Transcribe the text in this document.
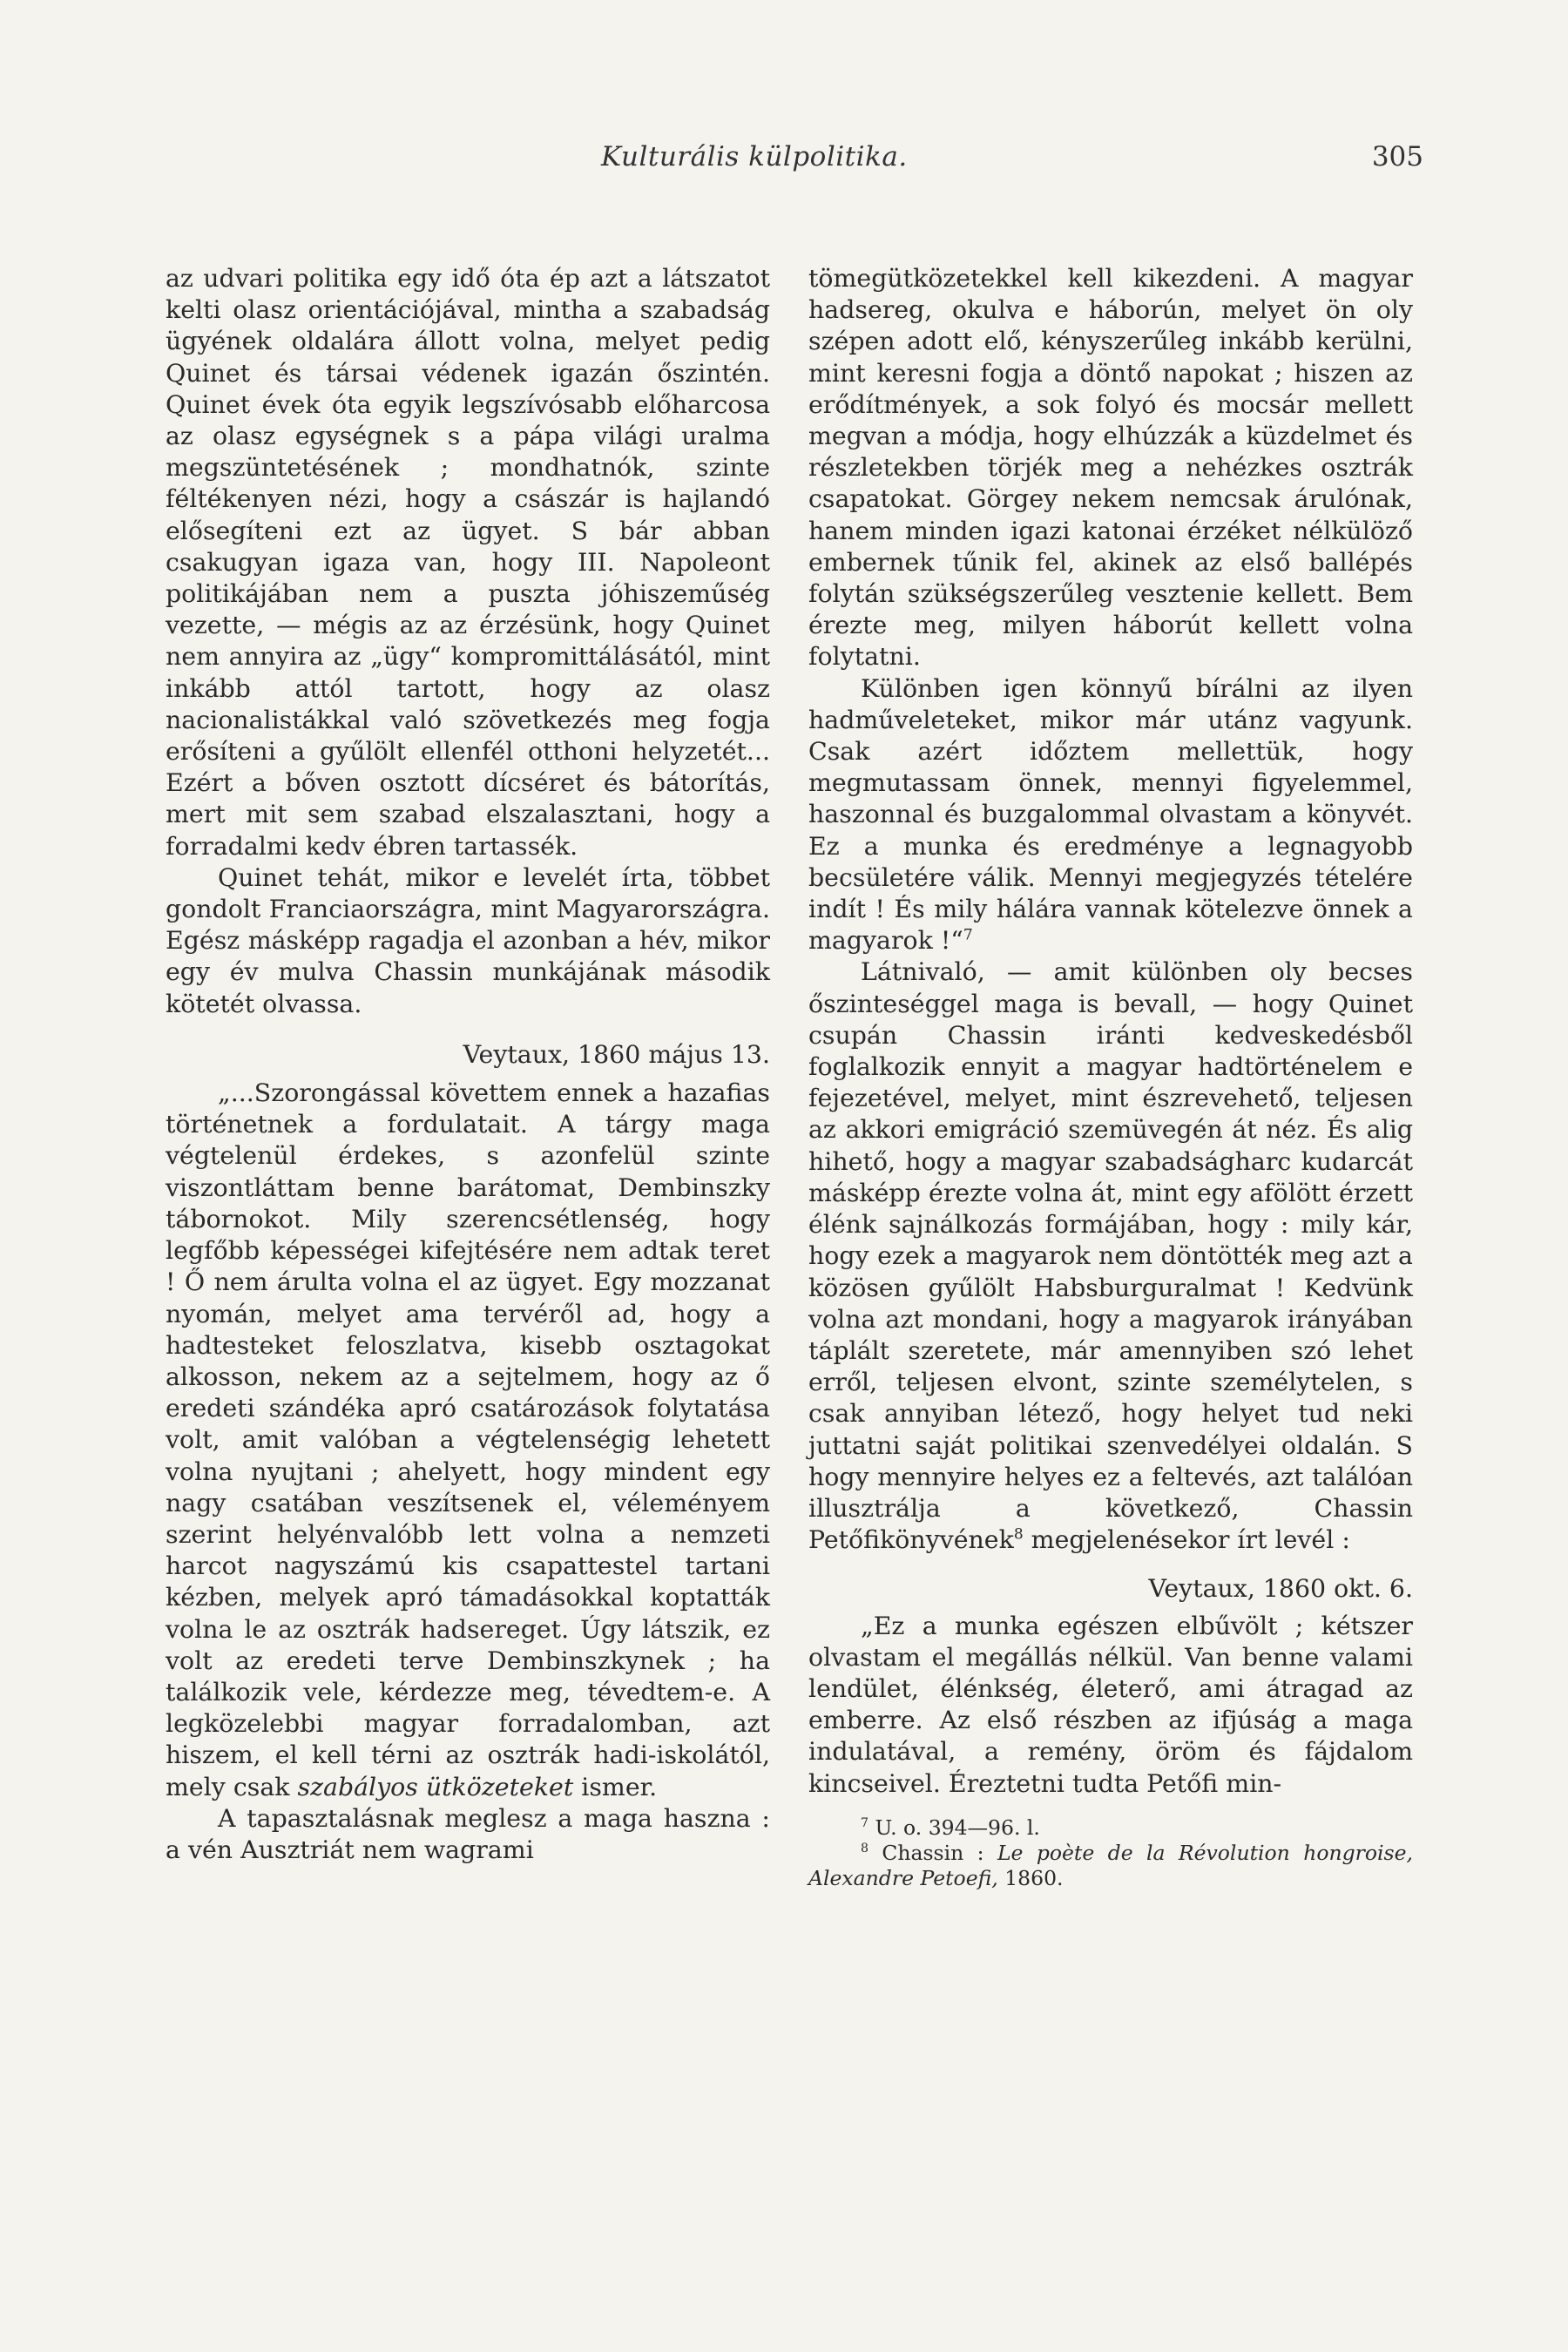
Kulturális külpolitika.	305

az udvari politika egy idő óta ép azt a látszatot kelti olasz orientációjával, mintha a szabadság ügyének oldalára állott volna, melyet pedig Quinet és társai védenek igazán őszintén. Quinet évek óta egyik legszívósabb előharcosa az olasz egységnek s a pápa világi uralma megszüntetésének ; mondhatnók, szinte féltékenyen nézi, hogy a császár is hajlandó elősegíteni ezt az ügyet. S bár abban csakugyan igaza van, hogy III. Napoleont politikájában nem a puszta jóhiszeműség vezette, — mégis az az érzésünk, hogy Quinet nem annyira az „ügy“ kompromittálásától, mint inkább attól tartott, hogy az olasz nacionalistákkal való szövetkezés meg fogja erősíteni a gyűlölt ellenfél otthoni helyzetét... Ezért a bőven osztott dícséret és bátorítás, mert mit sem szabad elszalasztani, hogy a forradalmi kedv ébren tartassék.

Quinet tehát, mikor e levelét írta, többet gondolt Franciaországra, mint Magyarországra. Egész másképp ragadja el azonban a hév, mikor egy év mulva Chassin munkájának második kötetét olvassa.

Veytaux, 1860 május 13.

„...Szorongással követtem ennek a hazafias történetnek a fordulatait. A tárgy maga végtelenül érdekes, s azonfelül szinte viszontláttam benne barátomat, Dembinszky tábornokot. Mily szerencsétlenség, hogy legfőbb képességei kifejtésére nem adtak teret ! Ő nem árulta volna el az ügyet. Egy mozzanat nyomán, melyet ama tervéről ad, hogy a hadtesteket feloszlatva, kisebb osztagokat alkosson, nekem az a sejtelmem, hogy az ő eredeti szándéka apró csatározások folytatása volt, amit valóban a végtelenségig lehetett volna nyujtani ; ahelyett, hogy mindent egy nagy csatában veszítsenek el, véleményem szerint helyénvalóbb lett volna a nemzeti harcot nagyszámú kis csapattestel tartani kézben, melyek apró támadásokkal koptatták volna le az osztrák hadsereget. Úgy látszik, ez volt az eredeti terve Dembinszkynek ; ha találkozik vele, kérdezze meg, tévedtem-e. A legközelebbi magyar forradalomban, azt hiszem, el kell térni az osztrák hadi-iskolától, mely csak szabályos ütközeteket ismer.

A tapasztalásnak meglesz a maga haszna : a vén Ausztriát nem wagrami

tömegütközetekkel kell kikezdeni. A magyar hadsereg, okulva e háborún, melyet ön oly szépen adott elő, kényszerűleg inkább kerülni, mint keresni fogja a döntő napokat ; hiszen az erődítmények, a sok folyó és mocsár mellett megvan a módja, hogy elhúzzák a küzdelmet és részletekben törjék meg a nehézkes osztrák csapatokat. Görgey nekem nemcsak árulónak, hanem minden igazi katonai érzéket nélkülöző embernek tűnik fel, akinek az első ballépés folytán szükségszerűleg vesztenie kellett. Bem érezte meg, milyen háborút kellett volna folytatni.

Különben igen könnyű bírálni az ilyen hadműveleteket, mikor már utánz vagyunk. Csak azért időztem mellettük, hogy megmutassam önnek, mennyi figyelemmel, haszonnal és buzgalommal olvastam a könyvét. Ez a munka és eredménye a legnagyobb becsületére válik. Mennyi megjegyzés tételére indít ! És mily hálára vannak kötelezve önnek a magyarok !“$^7$

Látnivaló, — amit különben oly becses őszinteséggel maga is bevall, — hogy Quinet csupán Chassin iránti kedveskedésből foglalkozik ennyit a magyar hadtörténelem e fejezetével, melyet, mint észrevehető, teljesen az akkori emigráció szemüvegén át néz. És alig hihető, hogy a magyar szabadságharc kudarcát másképp érezte volna át, mint egy afölött érzett élénk sajnálkozás formájában, hogy : mily kár, hogy ezek a magyarok nem döntötték meg azt a közösen gyűlölt Habsburguralmat ! Kedvünk volna azt mondani, hogy a magyarok irányában táplált szeretete, már amennyiben szó lehet erről, teljesen elvont, szinte személytelen, s csak annyiban létező, hogy helyet tud neki juttatni saját politikai szenvedélyei oldalán. S hogy mennyire helyes ez a feltevés, azt találóan illusztrálja a következő, Chassin Petőfikönyvének$^8$ megjelenésekor írt levél :

Veytaux, 1860 okt. 6.

„Ez a munka egészen elbűvölt ; kétszer olvastam el megállás nélkül. Van benne valami lendület, élénkség, életerő, ami átragad az emberre. Az első részben az ifjúság a maga indulatával, a remény, öröm és fájdalom kincseivel. Éreztetni tudta Petőfi min-

$^7$ U. o. 394—96. l.

$^8$ Chassin : Le poète de la Révolution hongroise, Alexandre Petoefi, 1860.
